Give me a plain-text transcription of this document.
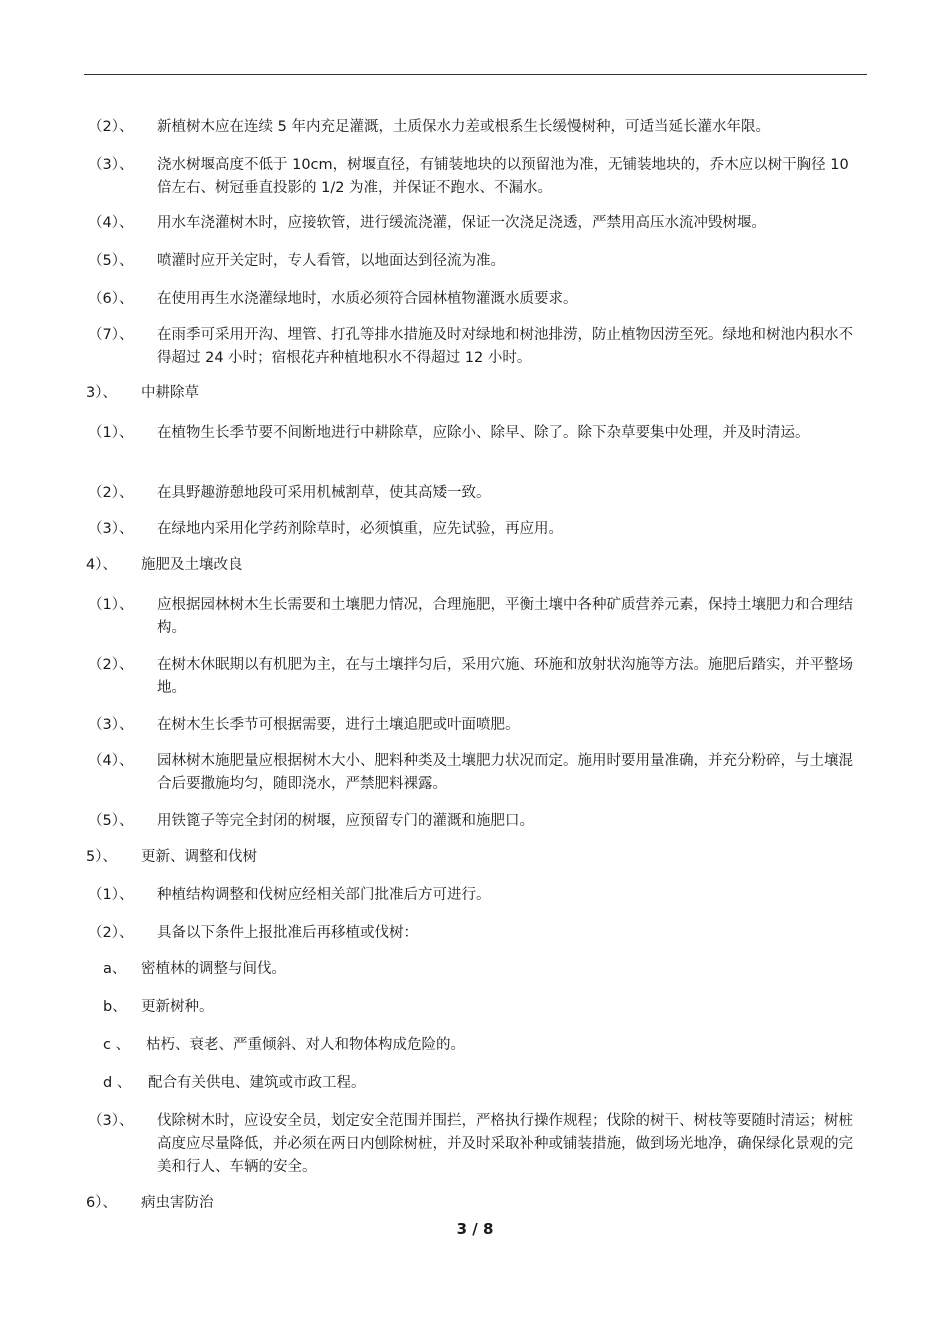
（2）、	新植树木应在连续 5 年内充足灌溉，土质保水力差或根系生长缓慢树种，可适当延长灌水年限。
（3）、	浇水树堰高度不低于 10cm，树堰直径，有铺装地块的以预留池为准，无铺装地块的，乔木应以树干胸径 10 倍左右、树冠垂直投影的 1/2 为准，并保证不跑水、不漏水。
（4）、	用水车浇灌树木时，应接软管，进行缓流浇灌，保证一次浇足浇透，严禁用高压水流冲毁树堰。
（5）、	喷灌时应开关定时，专人看管，以地面达到径流为准。
（6）、	在使用再生水浇灌绿地时，水质必须符合园林植物灌溉水质要求。
（7）、	在雨季可采用开沟、埋管、打孔等排水措施及时对绿地和树池排涝，防止植物因涝至死。绿地和树池内积水不得超过 24 小时；宿根花卉种植地积水不得超过 12 小时。
3）、	中耕除草
（1）、	在植物生长季节要不间断地进行中耕除草，应除小、除早、除了。除下杂草要集中处理，并及时清运。
（2）、	在具野趣游憩地段可采用机械割草，使其高矮一致。
（3）、	在绿地内采用化学药剂除草时，必须慎重，应先试验，再应用。
4）、	施肥及土壤改良
（1）、	应根据园林树木生长需要和土壤肥力情况，合理施肥，平衡土壤中各种矿质营养元素，保持土壤肥力和合理结构。
（2）、	在树木休眠期以有机肥为主，在与土壤拌匀后，采用穴施、环施和放射状沟施等方法。施肥后踏实，并平整场地。
（3）、	在树木生长季节可根据需要，进行土壤追肥或叶面喷肥。
（4）、	园林树木施肥量应根据树木大小、肥料种类及土壤肥力状况而定。施用时要用量准确，并充分粉碎，与土壤混合后要撒施均匀，随即浇水，严禁肥料裸露。
（5）、	用铁篦子等完全封闭的树堰，应预留专门的灌溉和施肥口。
5）、	更新、调整和伐树
（1）、	种植结构调整和伐树应经相关部门批准后方可进行。
（2）、	具备以下条件上报批准后再移植或伐树：
a、	密植林的调整与间伐。
b、 更新树种。
c 、	枯朽、衰老、严重倾斜、对人和物体构成危险的。
d 、	配合有关供电、建筑或市政工程。
（3）、	伐除树木时，应设安全员，划定安全范围并围拦，严格执行操作规程；伐除的树干、树枝等要随时清运；树桩高度应尽量降低，并必须在两日内刨除树桩，并及时采取补种或铺装措施，做到场光地净，确保绿化景观的完美和行人、车辆的安全。
6）、	病虫害防治
3 / 8
